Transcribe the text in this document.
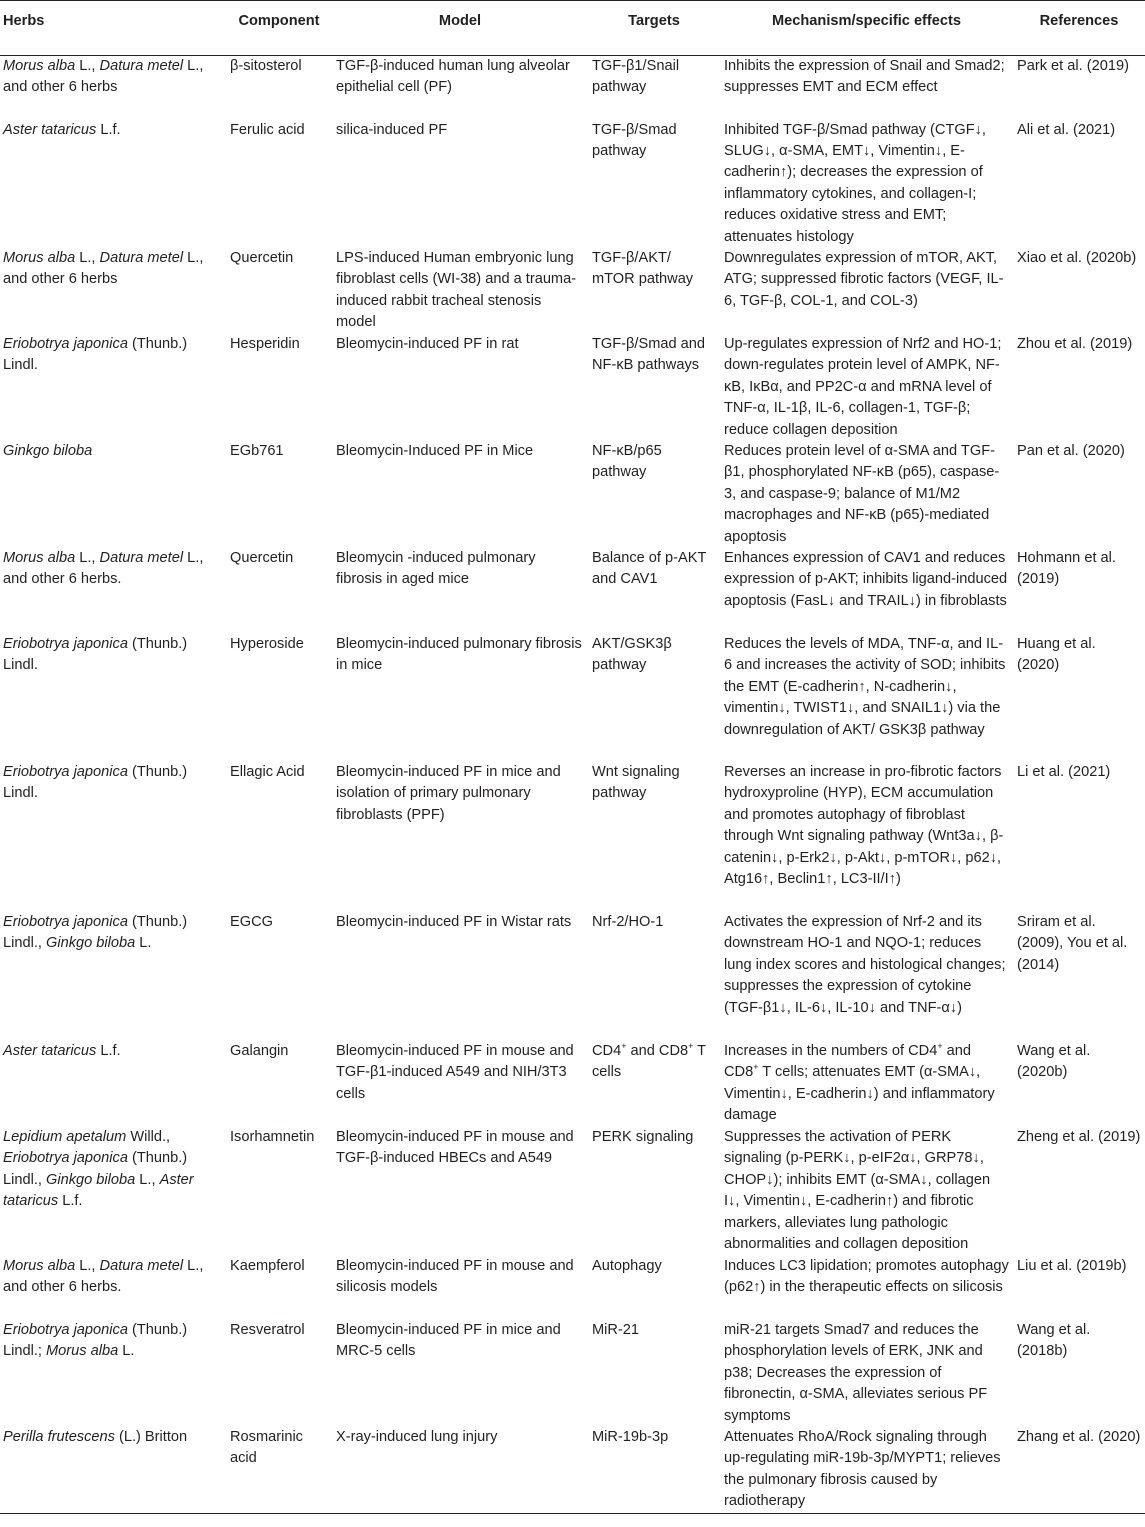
Herbs	Component	Model	Targets	Mechanism/specific effects	References
Morus alba L., Datura metel L., and other 6 herbs	β-sitosterol	TGF-β-induced human lung alveolar epithelial cell (PF)	TGF-β1/Snail pathway	Inhibits the expression of Snail and Smad2; suppresses EMT and ECM effect	Park et al. (2019)
Aster tataricus L.f.	Ferulic acid	silica-induced PF	TGF-β/Smad pathway	Inhibited TGF-β/Smad pathway (CTGF↓, SLUG↓, α-SMA, EMT↓, Vimentin↓, E-cadherin↑); decreases the expression of inflammatory cytokines, and collagen-I; reduces oxidative stress and EMT; attenuates histology	Ali et al. (2021)
Morus alba L., Datura metel L., and other 6 herbs	Quercetin	LPS-induced Human embryonic lung fibroblast cells (WI-38) and a trauma-induced rabbit tracheal stenosis model	TGF-β/AKT/ mTOR pathway	Downregulates expression of mTOR, AKT, ATG; suppressed fibrotic factors (VEGF, IL-6, TGF-β, COL-1, and COL-3)	Xiao et al. (2020b)
Eriobotrya japonica (Thunb.) Lindl.	Hesperidin	Bleomycin-induced PF in rat	TGF-β/Smad and NF-κB pathways	Up-regulates expression of Nrf2 and HO-1; down-regulates protein level of AMPK, NF-κB, IκBα, and PP2C-α and mRNA level of TNF-α, IL-1β, IL-6, collagen-1, TGF-β; reduce collagen deposition	Zhou et al. (2019)
Ginkgo biloba	EGb761	Bleomycin-Induced PF in Mice	NF-κB/p65 pathway	Reduces protein level of α-SMA and TGF-β1, phosphorylated NF-κB (p65), caspase-3, and caspase-9; balance of M1/M2 macrophages and NF-κB (p65)-mediated apoptosis	Pan et al. (2020)
Morus alba L., Datura metel L., and other 6 herbs.	Quercetin	Bleomycin -induced pulmonary fibrosis in aged mice	Balance of p-AKT and CAV1	Enhances expression of CAV1 and reduces expression of p-AKT; inhibits ligand-induced apoptosis (FasL↓ and TRAIL↓) in fibroblasts	Hohmann et al. (2019)
Eriobotrya japonica (Thunb.) Lindl.	Hyperoside	Bleomycin-induced pulmonary fibrosis in mice	AKT/GSK3β pathway	Reduces the levels of MDA, TNF-α, and IL-6 and increases the activity of SOD; inhibits the EMT (E-cadherin↑, N-cadherin↓, vimentin↓, TWIST1↓, and SNAIL1↓) via the downregulation of AKT/ GSK3β pathway	Huang et al. (2020)
Eriobotrya japonica (Thunb.) Lindl.	Ellagic Acid	Bleomycin-induced PF in mice and isolation of primary pulmonary fibroblasts (PPF)	Wnt signaling pathway	Reverses an increase in pro-fibrotic factors hydroxyproline (HYP), ECM accumulation and promotes autophagy of fibroblast through Wnt signaling pathway (Wnt3a↓, β-catenin↓, p-Erk2↓, p-Akt↓, p-mTOR↓, p62↓, Atg16↑, Beclin1↑, LC3-II/I↑)	Li et al. (2021)
Eriobotrya japonica (Thunb.) Lindl., Ginkgo biloba L.	EGCG	Bleomycin-induced PF in Wistar rats	Nrf-2/HO-1	Activates the expression of Nrf-2 and its downstream HO-1 and NQO-1; reduces lung index scores and histological changes; suppresses the expression of cytokine (TGF-β1↓, IL-6↓, IL-10↓ and TNF-α↓)	Sriram et al. (2009), You et al. (2014)
Aster tataricus L.f.	Galangin	Bleomycin-induced PF in mouse and TGF-β1-induced A549 and NIH/3T3 cells	CD4+ and CD8+ T cells	Increases in the numbers of CD4+ and CD8+ T cells; attenuates EMT (α-SMA↓, Vimentin↓, E-cadherin↓) and inflammatory damage	Wang et al. (2020b)
Lepidium apetalum Willd., Eriobotrya japonica (Thunb.) Lindl., Ginkgo biloba L., Aster tataricus L.f.	Isorhamnetin	Bleomycin-induced PF in mouse and TGF-β-induced HBECs and A549	PERK signaling	Suppresses the activation of PERK signaling (p-PERK↓, p-eIF2α↓, GRP78↓, CHOP↓); inhibits EMT (α-SMA↓, collagen I↓, Vimentin↓, E-cadherin↑) and fibrotic markers, alleviates lung pathologic abnormalities and collagen deposition	Zheng et al. (2019)
Morus alba L., Datura metel L., and other 6 herbs.	Kaempferol	Bleomycin-induced PF in mouse and silicosis models	Autophagy	Induces LC3 lipidation; promotes autophagy (p62↑) in the therapeutic effects on silicosis	Liu et al. (2019b)
Eriobotrya japonica (Thunb.) Lindl.; Morus alba L.	Resveratrol	Bleomycin-induced PF in mice and MRC-5 cells	MiR-21	miR-21 targets Smad7 and reduces the phosphorylation levels of ERK, JNK and p38; Decreases the expression of fibronectin, α-SMA, alleviates serious PF symptoms	Wang et al. (2018b)
Perilla frutescens (L.) Britton	Rosmarinic acid	X-ray-induced lung injury	MiR-19b-3p	Attenuates RhoA/Rock signaling through up-regulating miR-19b-3p/MYPT1; relieves the pulmonary fibrosis caused by radiotherapy	Zhang et al. (2020)
